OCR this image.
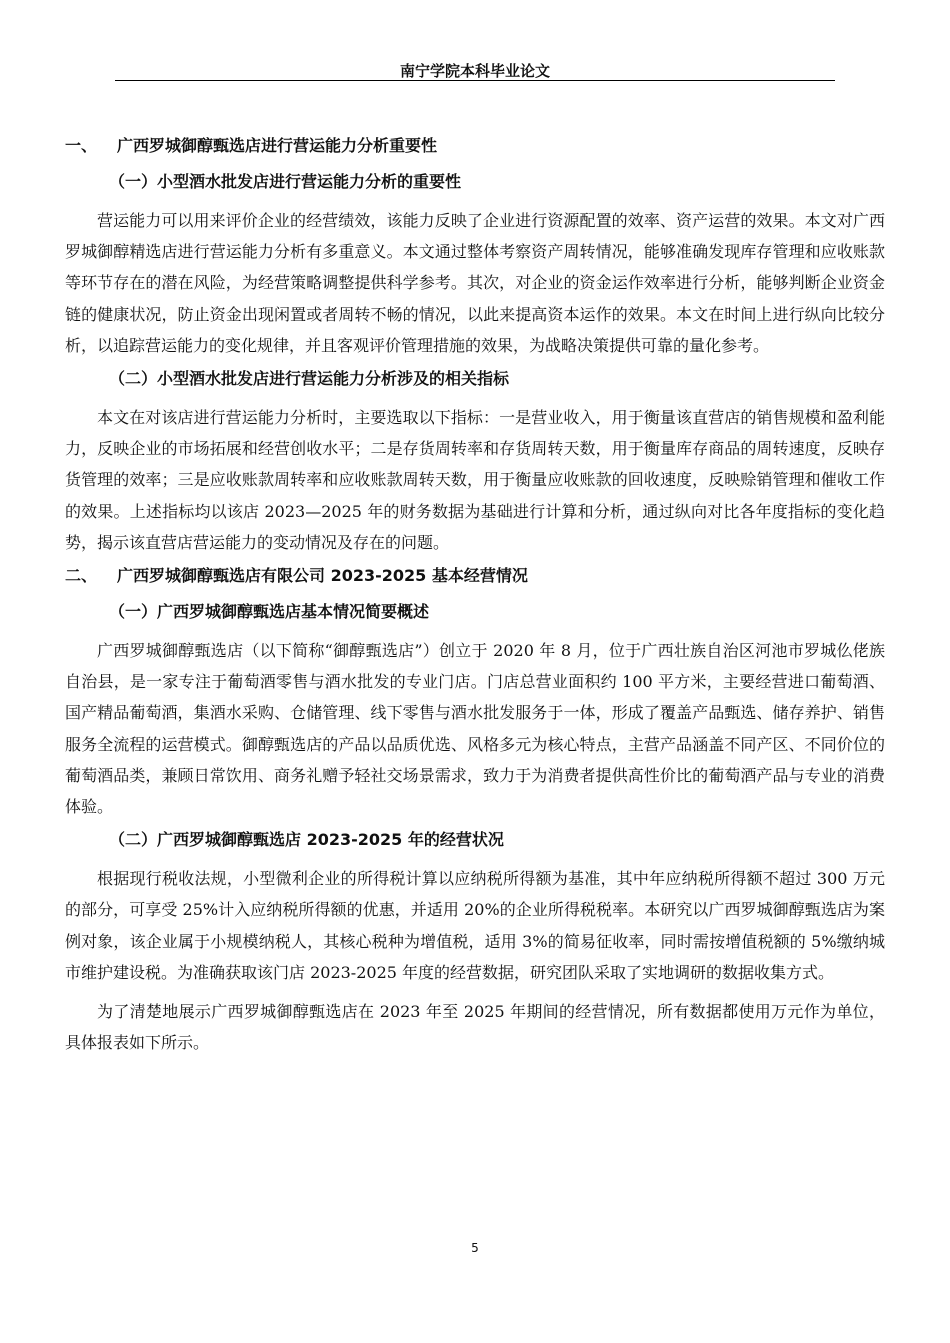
南宁学院本科毕业论文
一、 广西罗城御醇甄选店进行营运能力分析重要性
（一）小型酒水批发店进行营运能力分析的重要性

营运能力可以用来评价企业的经营绩效，该能力反映了企业进行资源配置的效率、资产运营的效果。本文对广西罗城御醇精选店进行营运能力分析有多重意义。本文通过整体考察资产周转情况，能够准确发现库存管理和应收账款等环节存在的潜在风险，为经营策略调整提供科学参考。其次，对企业的资金运作效率进行分析，能够判断企业资金链的健康状况，防止资金出现闲置或者周转不畅的情况，以此来提高资本运作的效果。本文在时间上进行纵向比较分析，以追踪营运能力的变化规律，并且客观评价管理措施的效果，为战略决策提供可靠的量化参考。

（二）小型酒水批发店进行营运能力分析涉及的相关指标

本文在对该店进行营运能力分析时，主要选取以下指标：一是营业收入，用于衡量该直营店的销售规模和盈利能力，反映企业的市场拓展和经营创收水平；二是存货周转率和存货周转天数，用于衡量库存商品的周转速度，反映存货管理的效率；三是应收账款周转率和应收账款周转天数，用于衡量应收账款的回收速度，反映赊销管理和催收工作的效果。上述指标均以该店 2023—2025 年的财务数据为基础进行计算和分析，通过纵向对比各年度指标的变化趋势，揭示该直营店营运能力的变动情况及存在的问题。

二、 广西罗城御醇甄选店有限公司 2023-2025 基本经营情况
（一）广西罗城御醇甄选店基本情况简要概述

广西罗城御醇甄选店（以下简称“御醇甄选店”）创立于 2020 年 8 月，位于广西壮族自治区河池市罗城仫佬族自治县，是一家专注于葡萄酒零售与酒水批发的专业门店。门店总营业面积约 100 平方米，主要经营进口葡萄酒、国产精品葡萄酒，集酒水采购、仓储管理、线下零售与酒水批发服务于一体，形成了覆盖产品甄选、储存养护、销售服务全流程的运营模式。御醇甄选店的产品以品质优选、风格多元为核心特点，主营产品涵盖不同产区、不同价位的葡萄酒品类，兼顾日常饮用、商务礼赠予轻社交场景需求，致力于为消费者提供高性价比的葡萄酒产品与专业的消费体验。

（二）广西罗城御醇甄选店 2023-2025 年的经营状况

根据现行税收法规，小型微利企业的所得税计算以应纳税所得额为基准，其中年应纳税所得额不超过 300 万元的部分，可享受 25%计入应纳税所得额的优惠，并适用 20%的企业所得税税率。本研究以广西罗城御醇甄选店为案例对象，该企业属于小规模纳税人，其核心税种为增值税，适用 3%的简易征收率，同时需按增值税额的 5%缴纳城市维护建设税。为准确获取该门店 2023-2025 年度的经营数据，研究团队采取了实地调研的数据收集方式。

为了清楚地展示广西罗城御醇甄选店在 2023 年至 2025 年期间的经营情况，所有数据都使用万元作为单位，具体报表如下所示。

5
